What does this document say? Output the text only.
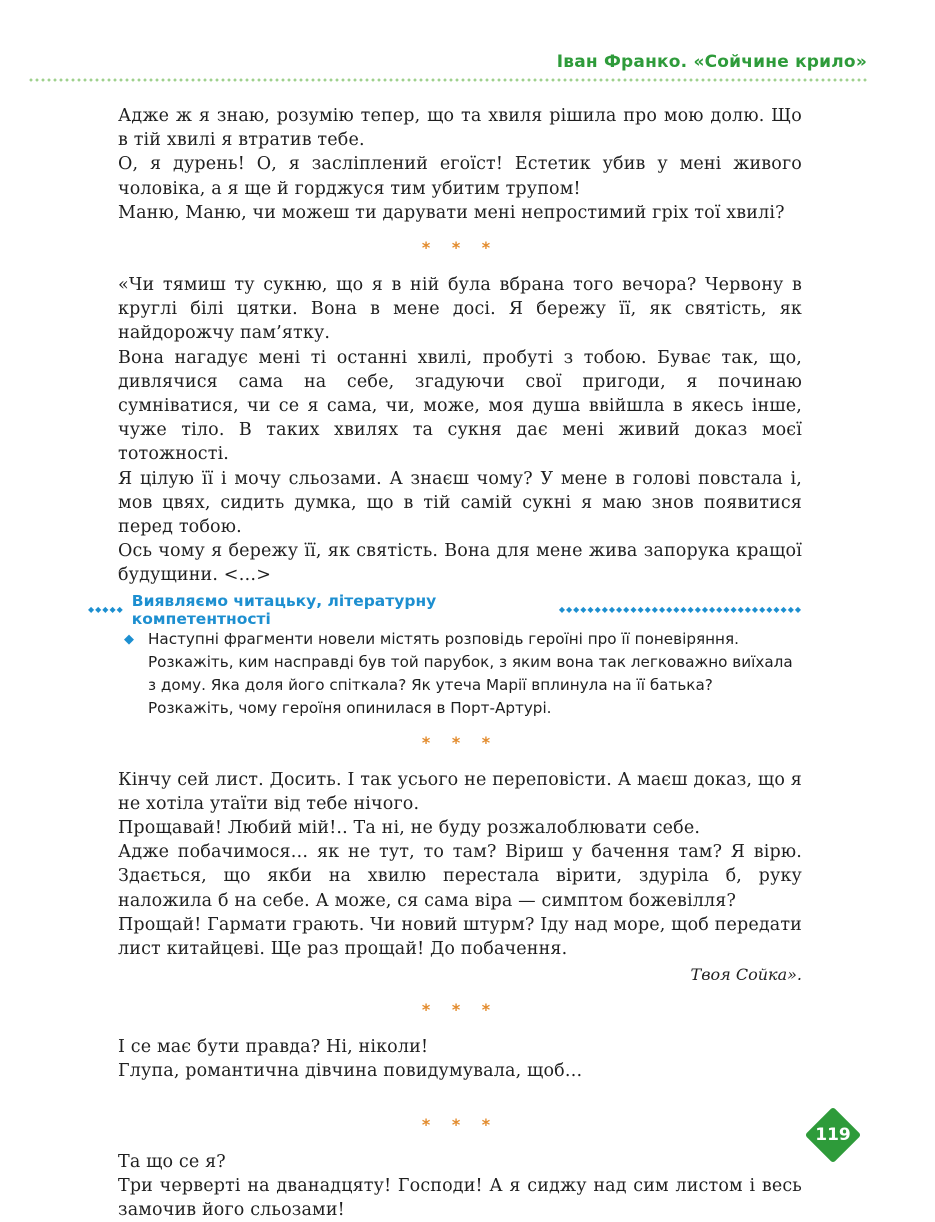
Іван Франко. «Сойчине крило»

Адже ж я знаю, розумію тепер, що та хвиля рішила про мою долю. Що в тій хвилі я втратив тебе.

О, я дурень! О, я засліплений егоїст! Естетик убив у мені живого чоловіка, а я ще й горджуся тим убитим трупом!

Маню, Маню, чи можеш ти дарувати мені непростимий гріх тої хвилі?

* * *

«Чи тямиш ту сукню, що я в ній була вбрана того вечора? Червону в круглі білі цятки. Вона в мене досі. Я бережу її, як святість, як найдорожчу пам’ятку.

Вона нагадує мені ті останні хвилі, пробуті з тобою. Буває так, що, дивлячися сама на себе, згадуючи свої пригоди, я починаю сумніватися, чи се я сама, чи, може, моя душа ввійшла в якесь інше, чуже тіло. В таких хвилях та сукня дає мені живий доказ моєї тотожності.

Я цілую її і мочу сльозами. А знаєш чому? У мене в голові повстала і, мов цвях, сидить думка, що в тій самій сукні я маю знов появитися перед тобою.

Ось чому я бережу її, як святість. Вона для мене жива запорука кращої будущини. <…>

◆◆◆◆◆ Виявляємо читацьку, літературну компетентності	◆◆◆◆◆◆◆◆◆◆◆◆◆◆◆◆◆◆◆◆◆◆◆◆◆◆◆◆◆◆◆◆◆◆
◆ Наступні фрагменти новели містять розповідь героїні про її поневіряння. Розкажіть, ким насправді був той парубок, з яким вона так легковажно виїхала з дому. Яка доля його спіткала? Як утеча Марії вплинула на її батька? Розкажіть, чому героїня опинилася в Порт-Артурі.
* * *

Кінчу сей лист. Досить. І так усього не переповісти. А маєш доказ, що я не хотіла утаїти від тебе нічого.

Прощавай! Любий мій!.. Та ні, не буду розжалоблювати себе.

Адже побачимося… як не тут, то там? Віриш у бачення там? Я вірю. Здається, що якби на хвилю перестала вірити, здуріла б, руку наложила б на себе. А може, ся сама віра — симптом божевілля?

Прощай! Гармати грають. Чи новий штурм? Іду над море, щоб передати лист китайцеві. Ще раз прощай! До побачення.

Твоя Сойка».
* * *

І се має бути правда? Ні, ніколи!

Глупа, романтична дівчина повидумувала, щоб…

* * *

Та що се я?

Три черверті на дванадцяту! Господи! А я сиджу над сим листом і весь замочив його сльозами!

119
